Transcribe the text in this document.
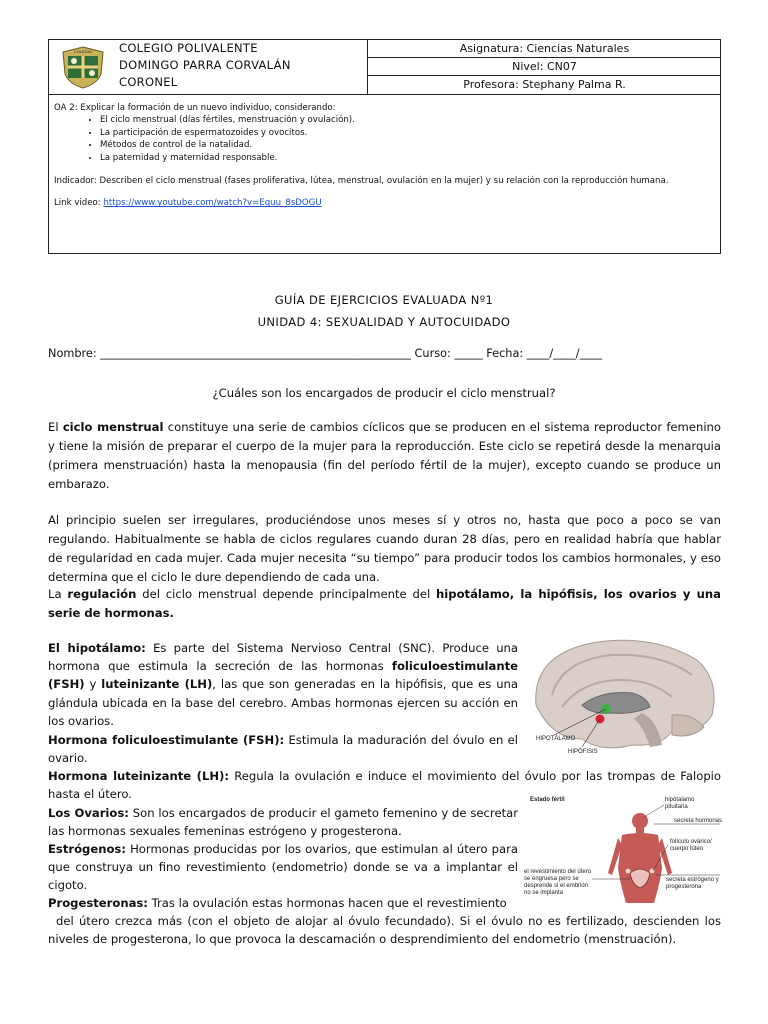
COLEGIO COLEGIO POLIVALENTE
DOMINGO PARRA CORVALÁN
CORONEL
Asignatura: Ciencias Naturales
Nivel: CN07
Profesora: Stephany Palma R.

OA 2: Explicar la formación de un nuevo individuo, considerando:

• El ciclo menstrual (días fértiles, menstruación y ovulación).
• La participación de espermatozoides y ovocitos.
• Métodos de control de la natalidad.
• La paternidad y maternidad responsable.

Indicador: Describen el ciclo menstrual (fases proliferativa, lútea, menstrual, ovulación en la mujer) y su relación con la reproducción humana.

Link video: https://www.youtube.com/watch?v=Equu_8sDOGU

GUÍA DE EJERCICIOS EVALUADA Nº1
UNIDAD 4: SEXUALIDAD Y AUTOCUIDADO
Nombre: _______________________________________________________ Curso: _____ Fecha: ____/____/____
¿Cuáles son los encargados de producir el ciclo menstrual?
El ciclo menstrual constituye una serie de cambios cíclicos que se producen en el sistema reproductor femenino y tiene la misión de preparar el cuerpo de la mujer para la reproducción. Este ciclo se repetirá desde la menarquia (primera menstruación) hasta la menopausia (fin del período fértil de la mujer), excepto cuando se produce un embarazo.
Al principio suelen ser irregulares, produciéndose unos meses sí y otros no, hasta que poco a poco se van regulando. Habitualmente se habla de ciclos regulares cuando duran 28 días, pero en realidad habría que hablar de regularidad en cada mujer. Cada mujer necesita “su tiempo” para producir todos los cambios hormonales, y eso determina que el ciclo le dure dependiendo de cada una.
La regulación del ciclo menstrual depende principalmente del hipotálamo, la hipófisis, los ovarios y una serie de hormonas.
El hipotálamo: Es parte del Sistema Nervioso Central (SNC). Produce una hormona que estimula la secreción de las hormonas foliculoestimulante (FSH) y luteinizante (LH), las que son generadas en la hipófisis, que es una glándula ubicada en la base del cerebro. Ambas hormonas ejercen su acción en los ovarios.
Hormona foliculoestimulante (FSH): Estimula la maduración del óvulo en el ovario.
Hormona luteinizante (LH): Regula la ovulación e induce el movimiento del óvulo por las trompas de Falopio hasta el útero.
Los Ovarios: Son los encargados de producir el gameto femenino y de secretar las hormonas sexuales femeninas estrógeno y progesterona.
Estrógenos: Hormonas producidas por los ovarios, que estimulan al útero para que construya un fino revestimiento (endometrio) donde se va a implantar el cigoto.
Progesteronas: Tras la ovulación estas hormonas hacen que el revestimiento
del útero crezca más (con el objeto de alojar al óvulo fecundado). Si el óvulo no es fertilizado, descienden los niveles de progesterona, lo que provoca la descamación o desprendimiento del endometrio (menstruación).
HIPOTÁLAMO
HIPÓFISIS
Estado fértil	hipótalamo
pituitaria
secreta hormonas
folículo ovárico/
cuerpo lúteo
secreta estrógeno y
progesterona
el revestimiento del útero
se engruesa pero se
desprende si el embrión
no se implanta
